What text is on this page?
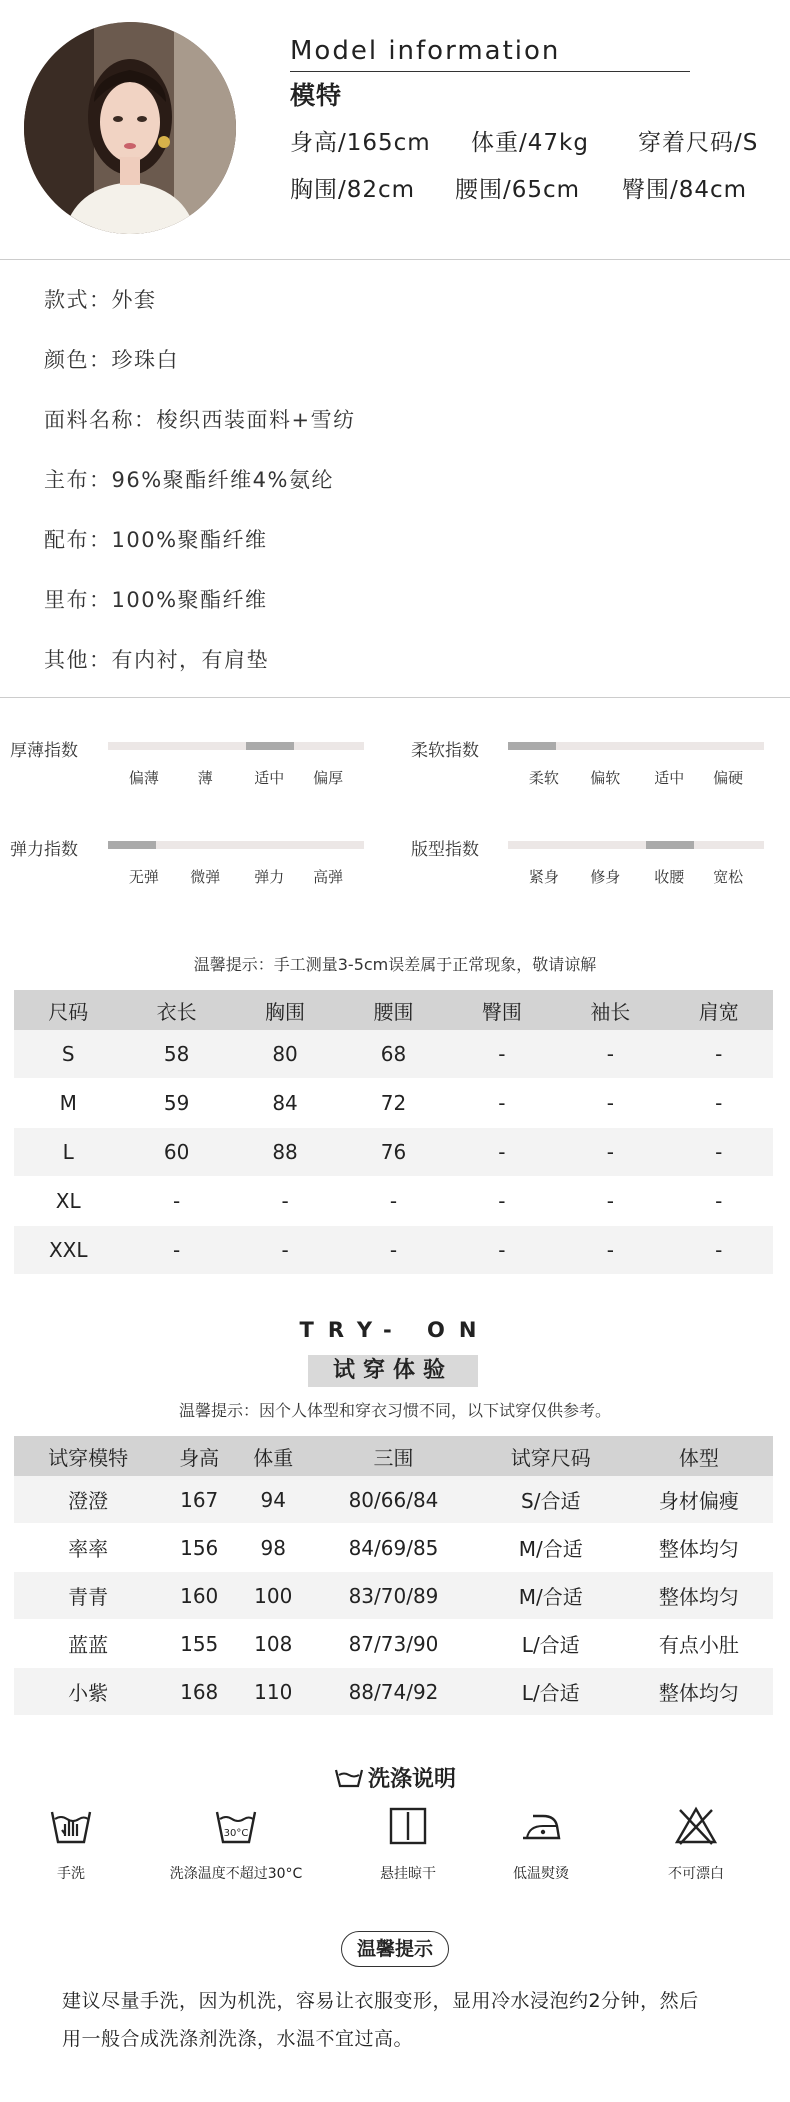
Model information
模特
身高/165cm 体重/47kg 穿着尺码/S
胸围/82cm 腰围/65cm 臀围/84cm
款式：外套
颜色：珍珠白
面料名称：梭织西装面料+雪纺
主布：96%聚酯纤维4%氨纶
配布：100%聚酯纤维
里布：100%聚酯纤维
其他：有内衬，有肩垫
厚薄指数
偏薄	薄	适中 偏厚
柔软指数
柔软 偏软 适中 偏硬
弹力指数
无弹 微弹 弹力 高弹
版型指数
紧身 修身 收腰 宽松
温馨提示：手工测量3-5cm误差属于正常现象，敬请谅解
尺码	衣长	胸围	腰围	臀围	袖长	肩宽
S	58	80	68	-	-	-
M	59	84	72	-	-	-
L	60	88	76	-	-	-
XL	-	-	-	-	-	-
XXL	-	-	-	-	-	-
TRY- ON
试穿体验
温馨提示：因个人体型和穿衣习惯不同，以下试穿仅供参考。
试穿模特	身高	体重	三围	试穿尺码	体型
澄澄	167	94	80/66/84	S/合适	身材偏瘦
率率	156	98	84/69/85	M/合适	整体均匀
青青	160	100	83/70/89	M/合适	整体均匀
蓝蓝	155	108	87/73/90	L/合适	有点小肚
小紫	168	110	88/74/92	L/合适	整体均匀
洗涤说明
30°C
手洗	洗涤温度不超过30°C	悬挂晾干	低温熨烫	不可漂白
温馨提示
建议尽量手洗，因为机洗，容易让衣服变形，显用冷水浸泡约2分钟，然后
用一般合成洗涤剂洗涤，水温不宜过高。
